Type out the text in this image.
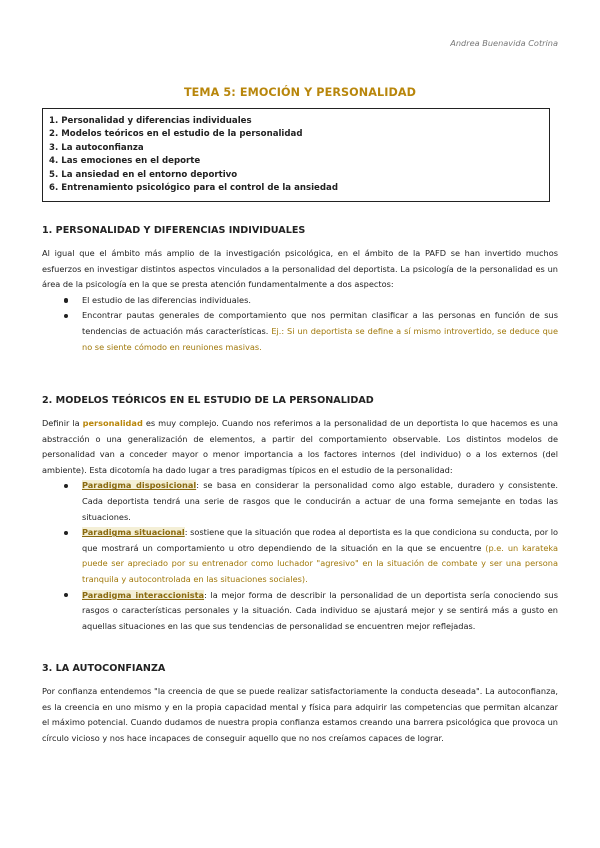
Andrea Buenavida Cotrina
TEMA 5: EMOCIÓN Y PERSONALIDAD
1. Personalidad y diferencias individuales
2. Modelos teóricos en el estudio de la personalidad
3. La autoconfianza
4. Las emociones en el deporte
5. La ansiedad en el entorno deportivo
6. Entrenamiento psicológico para el control de la ansiedad
1. PERSONALIDAD Y DIFERENCIAS INDIVIDUALES

Al igual que el ámbito más amplio de la investigación psicológica, en el ámbito de la PAFD se han invertido muchos esfuerzos en investigar distintos aspectos vinculados a la personalidad del deportista. La psicología de la personalidad es un área de la psicología en la que se presta atención fundamentalmente a dos aspectos:

El estudio de las diferencias individuales.
Encontrar pautas generales de comportamiento que nos permitan clasificar a las personas en función de sus tendencias de actuación más características. Ej.: Si un deportista se define a sí mismo introvertido, se deduce que no se siente cómodo en reuniones masivas.
2. MODELOS TEÓRICOS EN EL ESTUDIO DE LA PERSONALIDAD

Definir la personalidad es muy complejo. Cuando nos referimos a la personalidad de un deportista lo que hacemos es una abstracción o una generalización de elementos, a partir del comportamiento observable. Los distintos modelos de personalidad van a conceder mayor o menor importancia a los factores internos (del individuo) o a los externos (del ambiente). Esta dicotomía ha dado lugar a tres paradigmas típicos en el estudio de la personalidad:

Paradigma disposicional: se basa en considerar la personalidad como algo estable, duradero y consistente. Cada deportista tendrá una serie de rasgos que le conducirán a actuar de una forma semejante en todas las situaciones.
Paradigma situacional: sostiene que la situación que rodea al deportista es la que condiciona su conducta, por lo que mostrará un comportamiento u otro dependiendo de la situación en la que se encuentre (p.e. un karateka puede ser apreciado por su entrenador como luchador "agresivo" en la situación de combate y ser una persona tranquila y autocontrolada en las situaciones sociales).
Paradigma interaccionista: la mejor forma de describir la personalidad de un deportista sería conociendo sus rasgos o características personales y la situación. Cada individuo se ajustará mejor y se sentirá más a gusto en aquellas situaciones en las que sus tendencias de personalidad se encuentren mejor reflejadas.
3. LA AUTOCONFIANZA

Por confianza entendemos "la creencia de que se puede realizar satisfactoriamente la conducta deseada". La autoconfianza, es la creencia en uno mismo y en la propia capacidad mental y física para adquirir las competencias que permitan alcanzar el máximo potencial. Cuando dudamos de nuestra propia confianza estamos creando una barrera psicológica que provoca un círculo vicioso y nos hace incapaces de conseguir aquello que no nos creíamos capaces de lograr.
